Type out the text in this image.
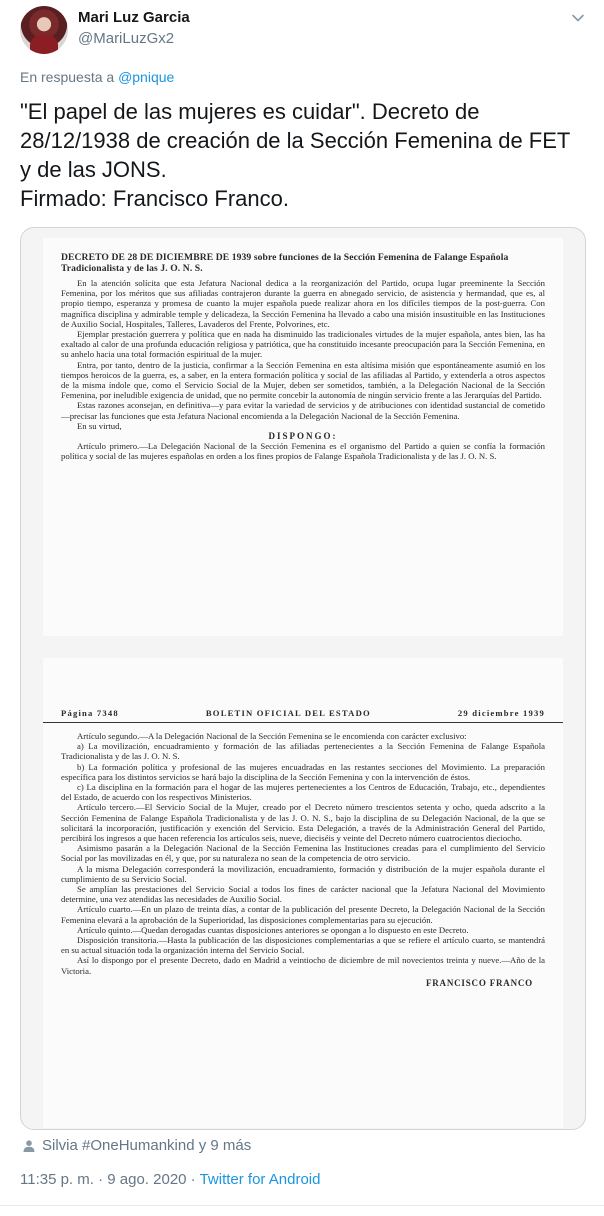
Mari Luz Garcia
@MariLuzGx2
En respuesta a @pnique

"El papel de las mujeres es cuidar". Decreto de

28/12/1938 de creación de la Sección Femenina de FET

y de las JONS.

Firmado: Francisco Franco.

DECRETO DE 28 DE DICIEMBRE DE 1939 sobre funciones de la Sección Femenina de Falange Española Tradicionalista y de las J. O. N. S.

En la atención solícita que esta Jefatura Nacional dedica a la reorganización del Partido, ocupa lugar preeminente la Sección Femenina, por los méritos que sus afiliadas contrajeron durante la guerra en abnegado servicio, de asistencia y hermandad, que es, al propio tiempo, esperanza y promesa de cuanto la mujer española puede realizar ahora en los difíciles tiempos de la post-guerra. Con magnífica disciplina y admirable temple y delicadeza, la Sección Femenina ha llevado a cabo una misión insustituible en las Instituciones de Auxilio Social, Hospitales, Talleres, Lavaderos del Frente, Polvorines, etc.

Ejemplar prestación guerrera y política que en nada ha disminuido las tradicionales virtudes de la mujer española, antes bien, las ha exaltado al calor de una profunda educación religiosa y patriótica, que ha constituido incesante preocupación para la Sección Femenina, en su anhelo hacia una total formación espiritual de la mujer.

Entra, por tanto, dentro de la justicia, confirmar a la Sección Femenina en esta altísima misión que espontáneamente asumió en los tiempos heroicos de la guerra, es, a saber, en la entera formación política y social de las afiliadas al Partido, y extenderla a otros aspectos de la misma índole que, como el Servicio Social de la Mujer, deben ser sometidos, también, a la Delegación Nacional de la Sección Femenina, por ineludible exigencia de unidad, que no permite concebir la autonomía de ningún servicio frente a las Jerarquías del Partido.

Estas razones aconsejan, en definitiva—y para evitar la variedad de servicios y de atribuciones con identidad sustancial de cometido—precisar las funciones que esta Jefatura Nacional encomienda a la Delegación Nacional de la Sección Femenina.

En su virtud,

DISPONGO:

Artículo primero.—La Delegación Nacional de la Sección Femenina es el organismo del Partido a quien se confía la formación política y social de las mujeres españolas en orden a los fines propios de Falange Española Tradicionalista y de las J. O. N. S.

Página 7348	BOLETIN OFICIAL DEL ESTADO	29 diciembre 1939

Artículo segundo.—A la Delegación Nacional de la Sección Femenina se le encomienda con carácter exclusivo:

a) La movilización, encuadramiento y formación de las afiliadas pertenecientes a la Sección Femenina de Falange Española Tradicionalista y de las J. O. N. S.

b) La formación política y profesional de las mujeres encuadradas en las restantes secciones del Movimiento. La preparación específica para los distintos servicios se hará bajo la disciplina de la Sección Femenina y con la intervención de éstos.

c) La disciplina en la formación para el hogar de las mujeres pertenecientes a los Centros de Educación, Trabajo, etc., dependientes del Estado, de acuerdo con los respectivos Ministerios.

Artículo tercero.—El Servicio Social de la Mujer, creado por el Decreto número trescientos setenta y ocho, queda adscrito a la Sección Femenina de Falange Española Tradicionalista y de las J. O. N. S., bajo la disciplina de su Delegación Nacional, de la que se solicitará la incorporación, justificación y exención del Servicio. Esta Delegación, a través de la Administración General del Partido, percibirá los ingresos a que hacen referencia los artículos seis, nueve, dieciséis y veinte del Decreto número cuatrocientos dieciocho.

Asimismo pasarán a la Delegación Nacional de la Sección Femenina las Instituciones creadas para el cumplimiento del Servicio Social por las movilizadas en él, y que, por su naturaleza no sean de la competencia de otro servicio.

A la misma Delegación corresponderá la movilización, encuadramiento, formación y distribución de la mujer española durante el cumplimiento de su Servicio Social.

Se amplían las prestaciones del Servicio Social a todos los fines de carácter nacional que la Jefatura Nacional del Movimiento determine, una vez atendidas las necesidades de Auxilio Social.

Artículo cuarto.—En un plazo de treinta días, a contar de la publicación del presente Decreto, la Delegación Nacional de la Sección Femenina elevará a la aprobación de la Superioridad, las disposiciones complementarias para su ejecución.

Artículo quinto.—Quedan derogadas cuantas disposiciones anteriores se opongan a lo dispuesto en este Decreto.

Disposición transitoria.—Hasta la publicación de las disposiciones complementarias a que se refiere el artículo cuarto, se mantendrá en su actual situación toda la organización interna del Servicio Social.

Así lo dispongo por el presente Decreto, dado en Madrid a veintiocho de diciembre de mil novecientos treinta y nueve.—Año de la Victoria.

FRANCISCO FRANCO
Silvia #OneHumankind y 9 más
11:35 p. m. · 9 ago. 2020 · Twitter for Android
